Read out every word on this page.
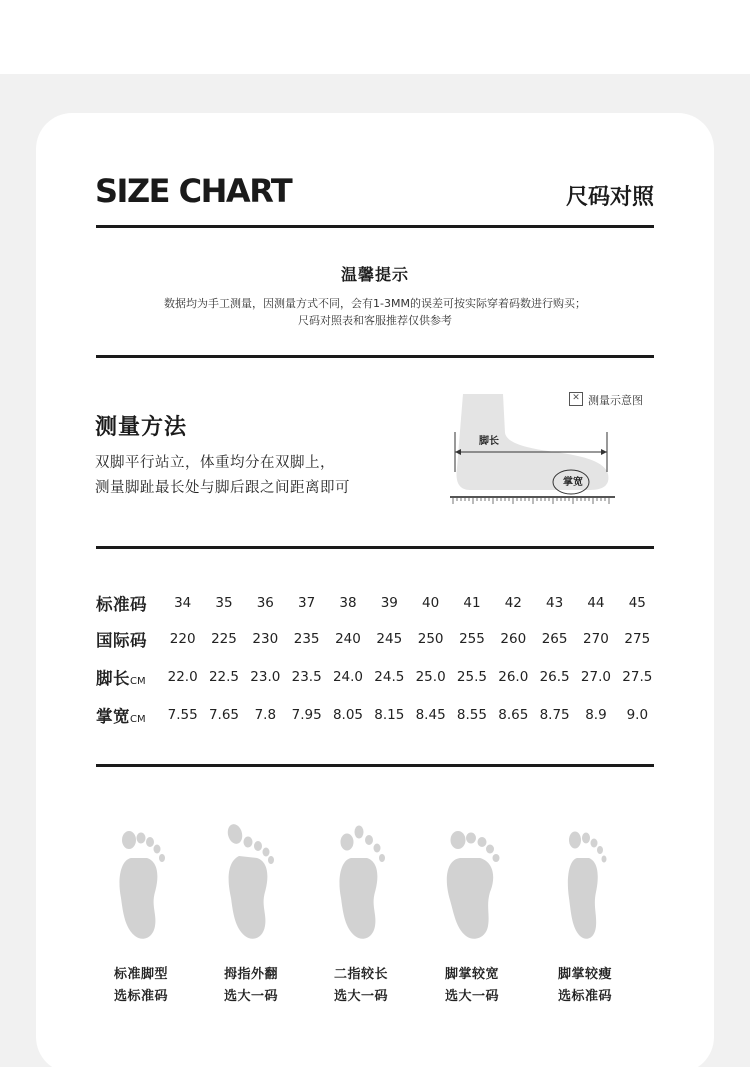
SIZE CHART	尺码对照
温馨提示
数据均为手工测量，因测量方式不同，会有1-3MM的误差可按实际穿着码数进行购买；
尺码对照表和客服推荐仅供参考
测量方法
双脚平行站立，体重均分在双脚上，
测量脚趾最长处与脚后跟之间距离即可
✕ 测量示意图
脚长
掌宽
标准码	34	35	36	37	38	39	40	41	42	43	44	45
国际码	220	225	230	235	240	245	250	255	260	265	270	275
脚长CM	22.0	22.5	23.0	23.5	24.0	24.5	25.0	25.5	26.0	26.5	27.0	27.5
掌宽CM	7.55	7.65	7.8	7.95	8.05	8.15	8.45	8.55	8.65	8.75	8.9	9.0
标准脚型
选标准码
拇指外翻
选大一码
二指较长
选大一码
脚掌较宽
选大一码
脚掌较瘦
选标准码
